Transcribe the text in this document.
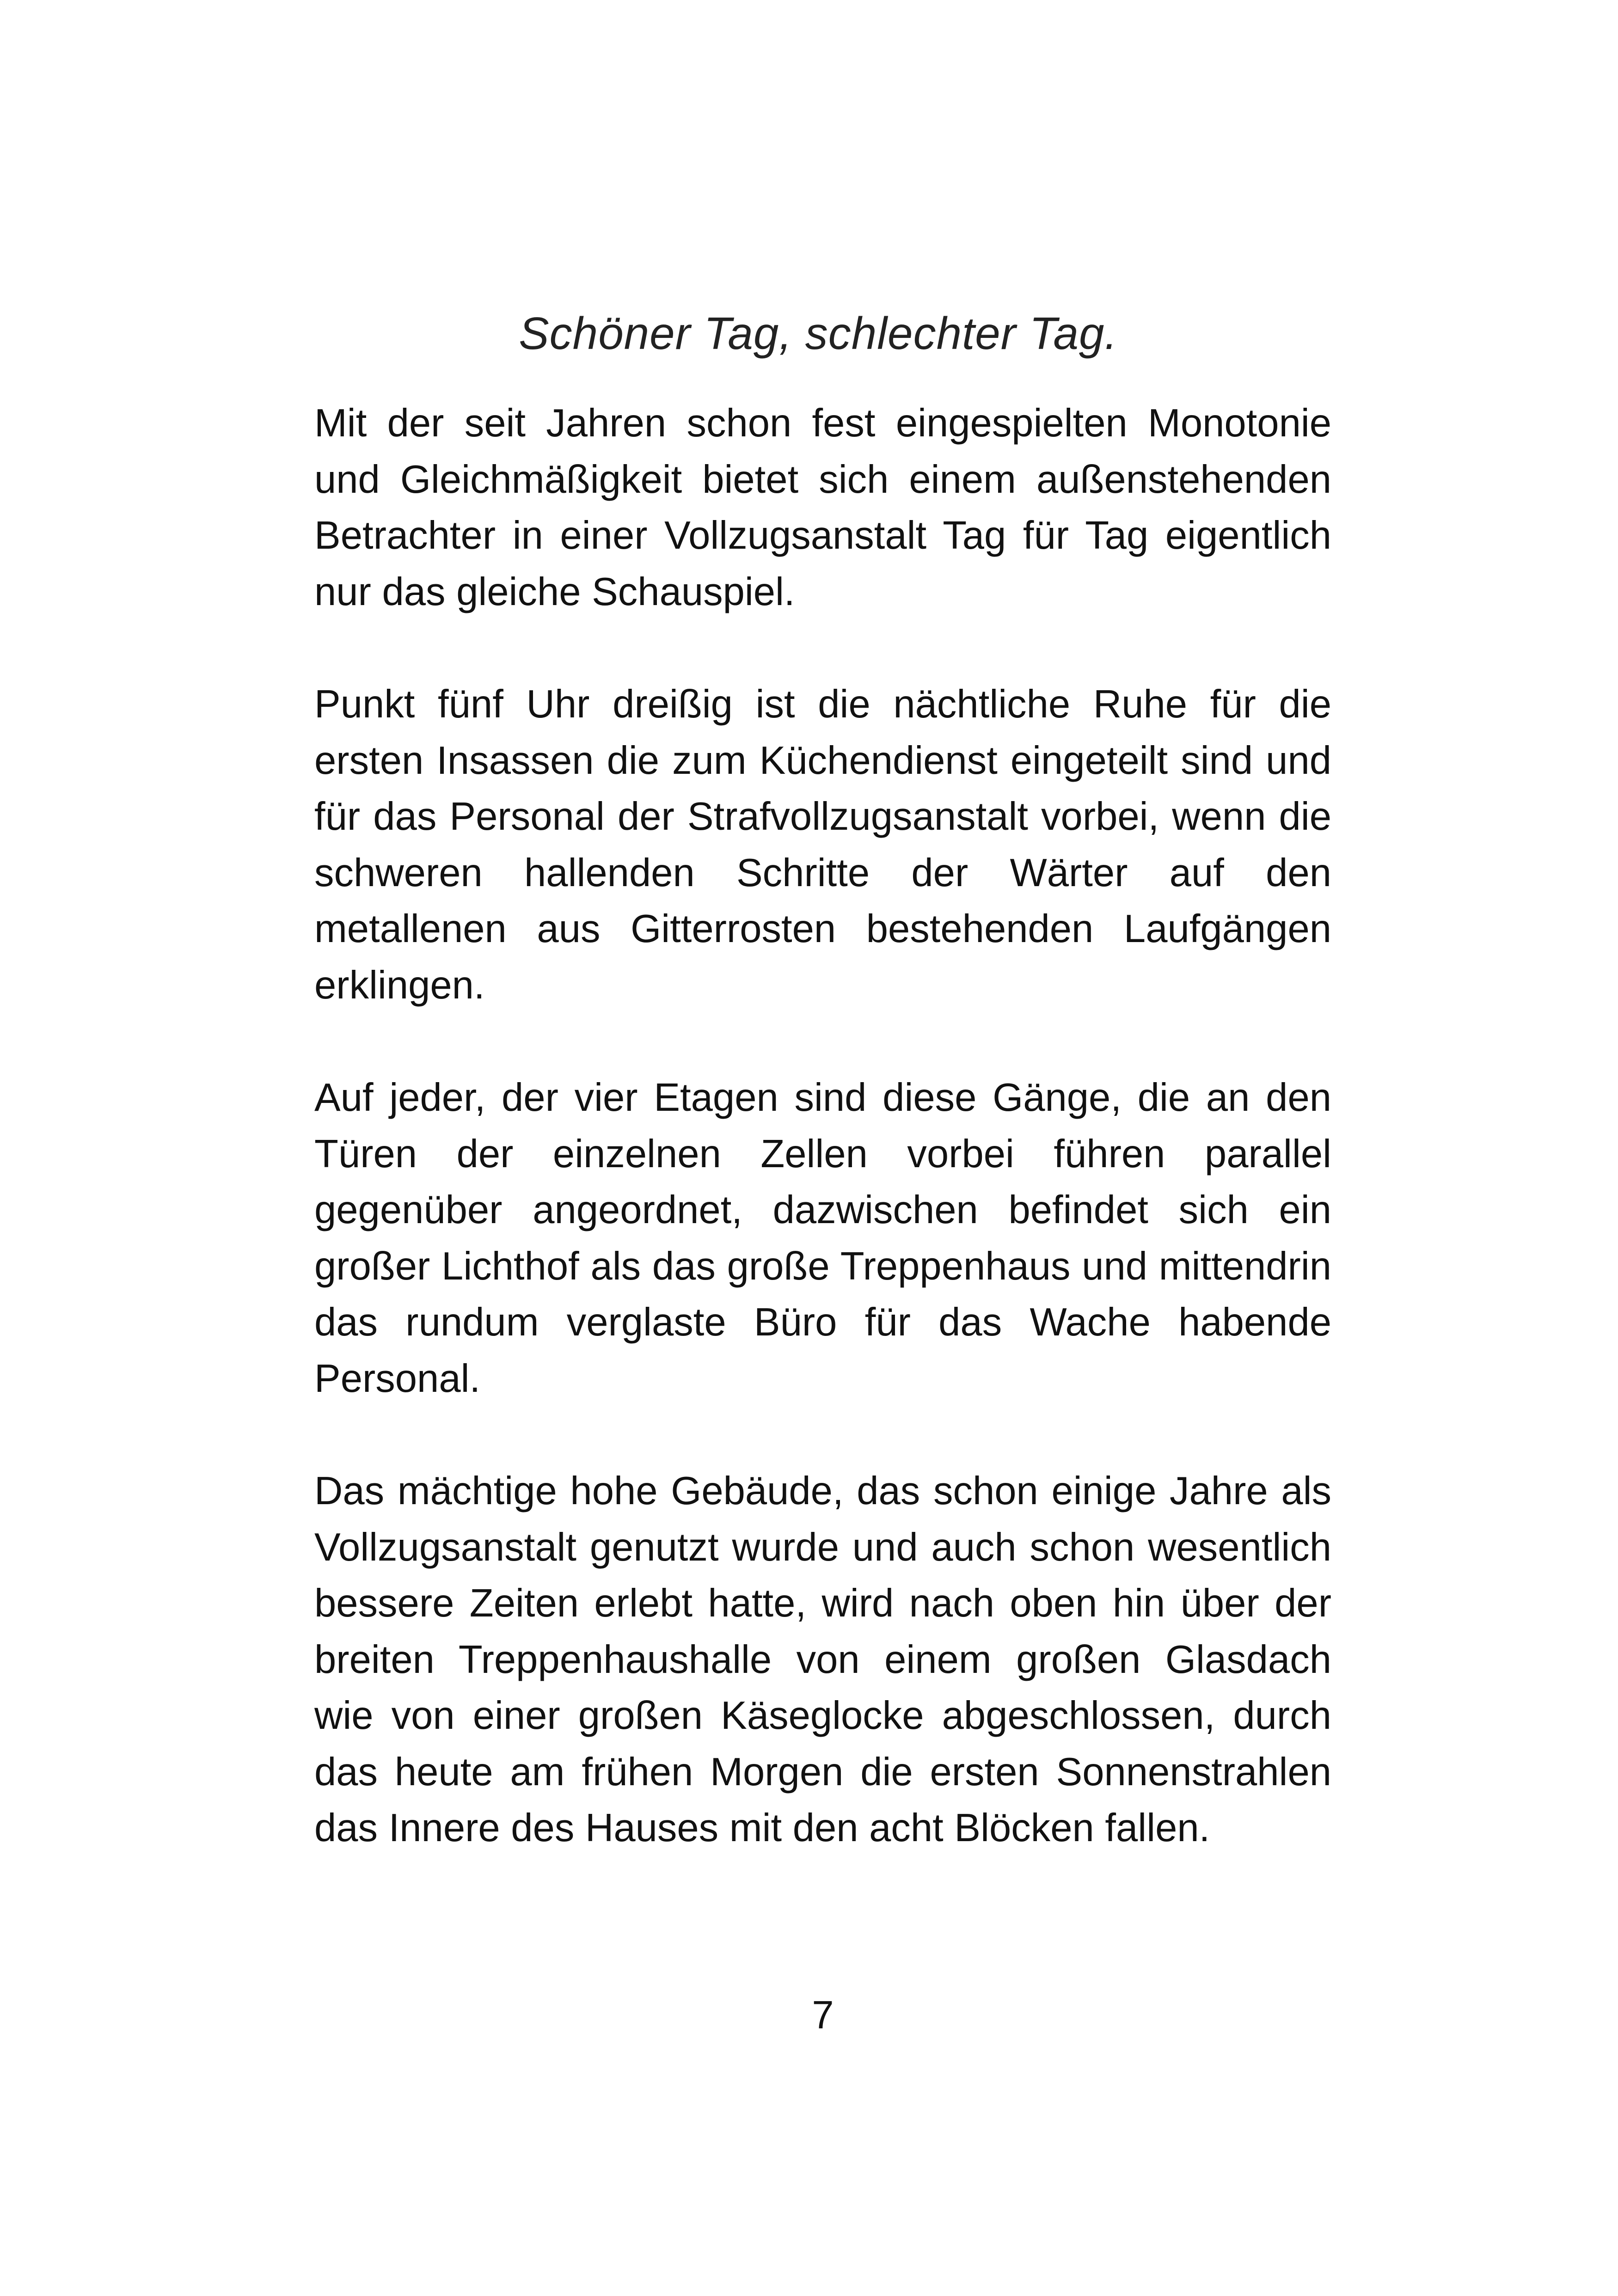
Schöner Tag, schlechter Tag.

Mit der seit Jahren schon fest eingespielten Monotonie und Gleichmäßigkeit bietet sich einem außenstehenden Betrachter in einer Vollzugsanstalt Tag für Tag eigentlich nur das gleiche Schauspiel.

Punkt fünf Uhr dreißig ist die nächtliche Ruhe für die ersten Insassen die zum Küchendienst eingeteilt sind und für das Personal der Strafvollzugsanstalt vorbei, wenn die schweren hallenden Schritte der Wärter auf den metallenen aus Gitterrosten bestehenden Laufgängen erklingen.

Auf jeder, der vier Etagen sind diese Gänge, die an den Türen der einzelnen Zellen vorbei führen parallel gegenüber angeordnet, dazwischen befindet sich ein großer Lichthof als das große Treppenhaus und mittendrin das rundum verglaste Büro für das Wache habende Personal.

Das mächtige hohe Gebäude, das schon einige Jahre als Vollzugsanstalt genutzt wurde und auch schon wesentlich bessere Zeiten erlebt hatte, wird nach oben hin über der breiten Treppenhaushalle von einem großen Glasdach wie von einer großen Käseglocke abgeschlossen, durch das heute am frühen Morgen die ersten Sonnenstrahlen das Innere des Hauses mit den acht Blöcken fallen.

7
